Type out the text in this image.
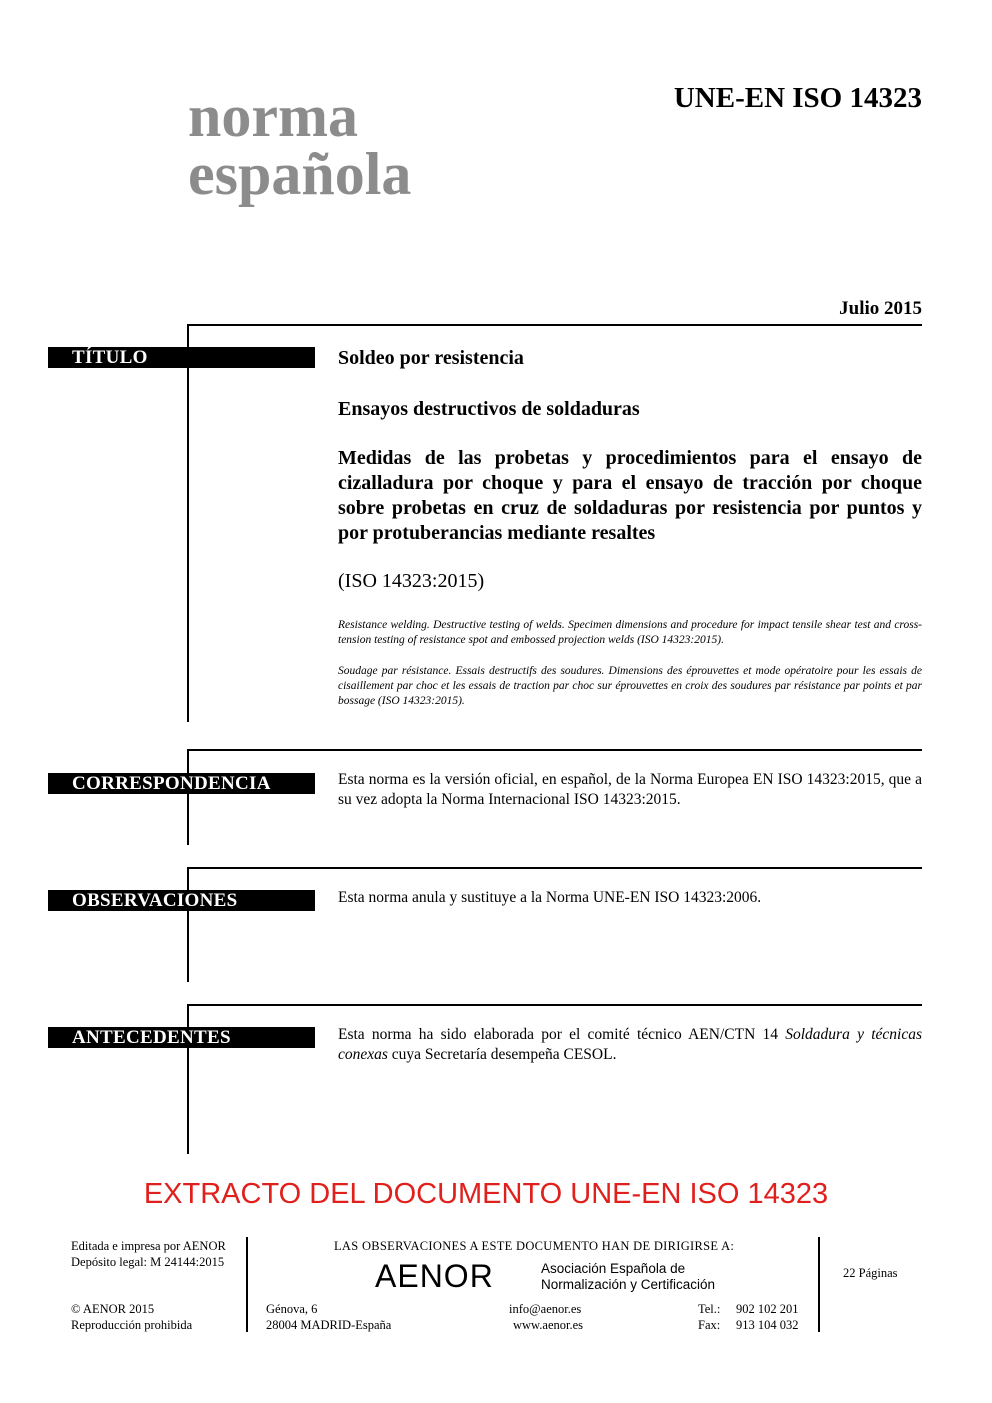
norma
española
UNE-EN ISO 14323
Julio 2015
TÍTULO	Soldeo por resistencia
Ensayos destructivos de soldaduras
Medidas de las probetas y procedimientos para el ensayo de cizalladura por choque y para el ensayo de tracción por choque sobre probetas en cruz de soldaduras por resistencia por puntos y por protuberancias mediante resaltes
(ISO 14323:2015)
Resistance welding. Destructive testing of welds. Specimen dimensions and procedure for impact tensile shear test and cross-tension testing of resistance spot and embossed projection welds (ISO 14323:2015).
Soudage par résistance. Essais destructifs des soudures. Dimensions des éprouvettes et mode opératoire pour les essais de cisaillement par choc et les essais de traction par choc sur éprouvettes en croix des soudures par résistance par points et par bossage (ISO 14323:2015).
CORRESPONDENCIA	Esta norma es la versión oficial, en español, de la Norma Europea EN ISO 14323:2015, que a su vez adopta la Norma Internacional ISO 14323:2015.
OBSERVACIONES	Esta norma anula y sustituye a la Norma UNE-EN ISO 14323:2006.
ANTECEDENTES	Esta norma ha sido elaborada por el comité técnico AEN/CTN 14 Soldadura y técnicas conexas cuya Secretaría desempeña CESOL.
EXTRACTO DEL DOCUMENTO UNE-EN ISO 14323
Editada e impresa por AENOR
Depósito legal: M 24144:2015
© AENOR 2015
Reproducción prohibida
LAS OBSERVACIONES A ESTE DOCUMENTO HAN DE DIRIGIRSE A:
AENOR	Asociación Española de
Normalización y Certificación
Génova, 6
28004 MADRID-España
info@aenor.es
www.aenor.es
Tel.: 902 102 201
Fax: 913 104 032
22 Páginas
